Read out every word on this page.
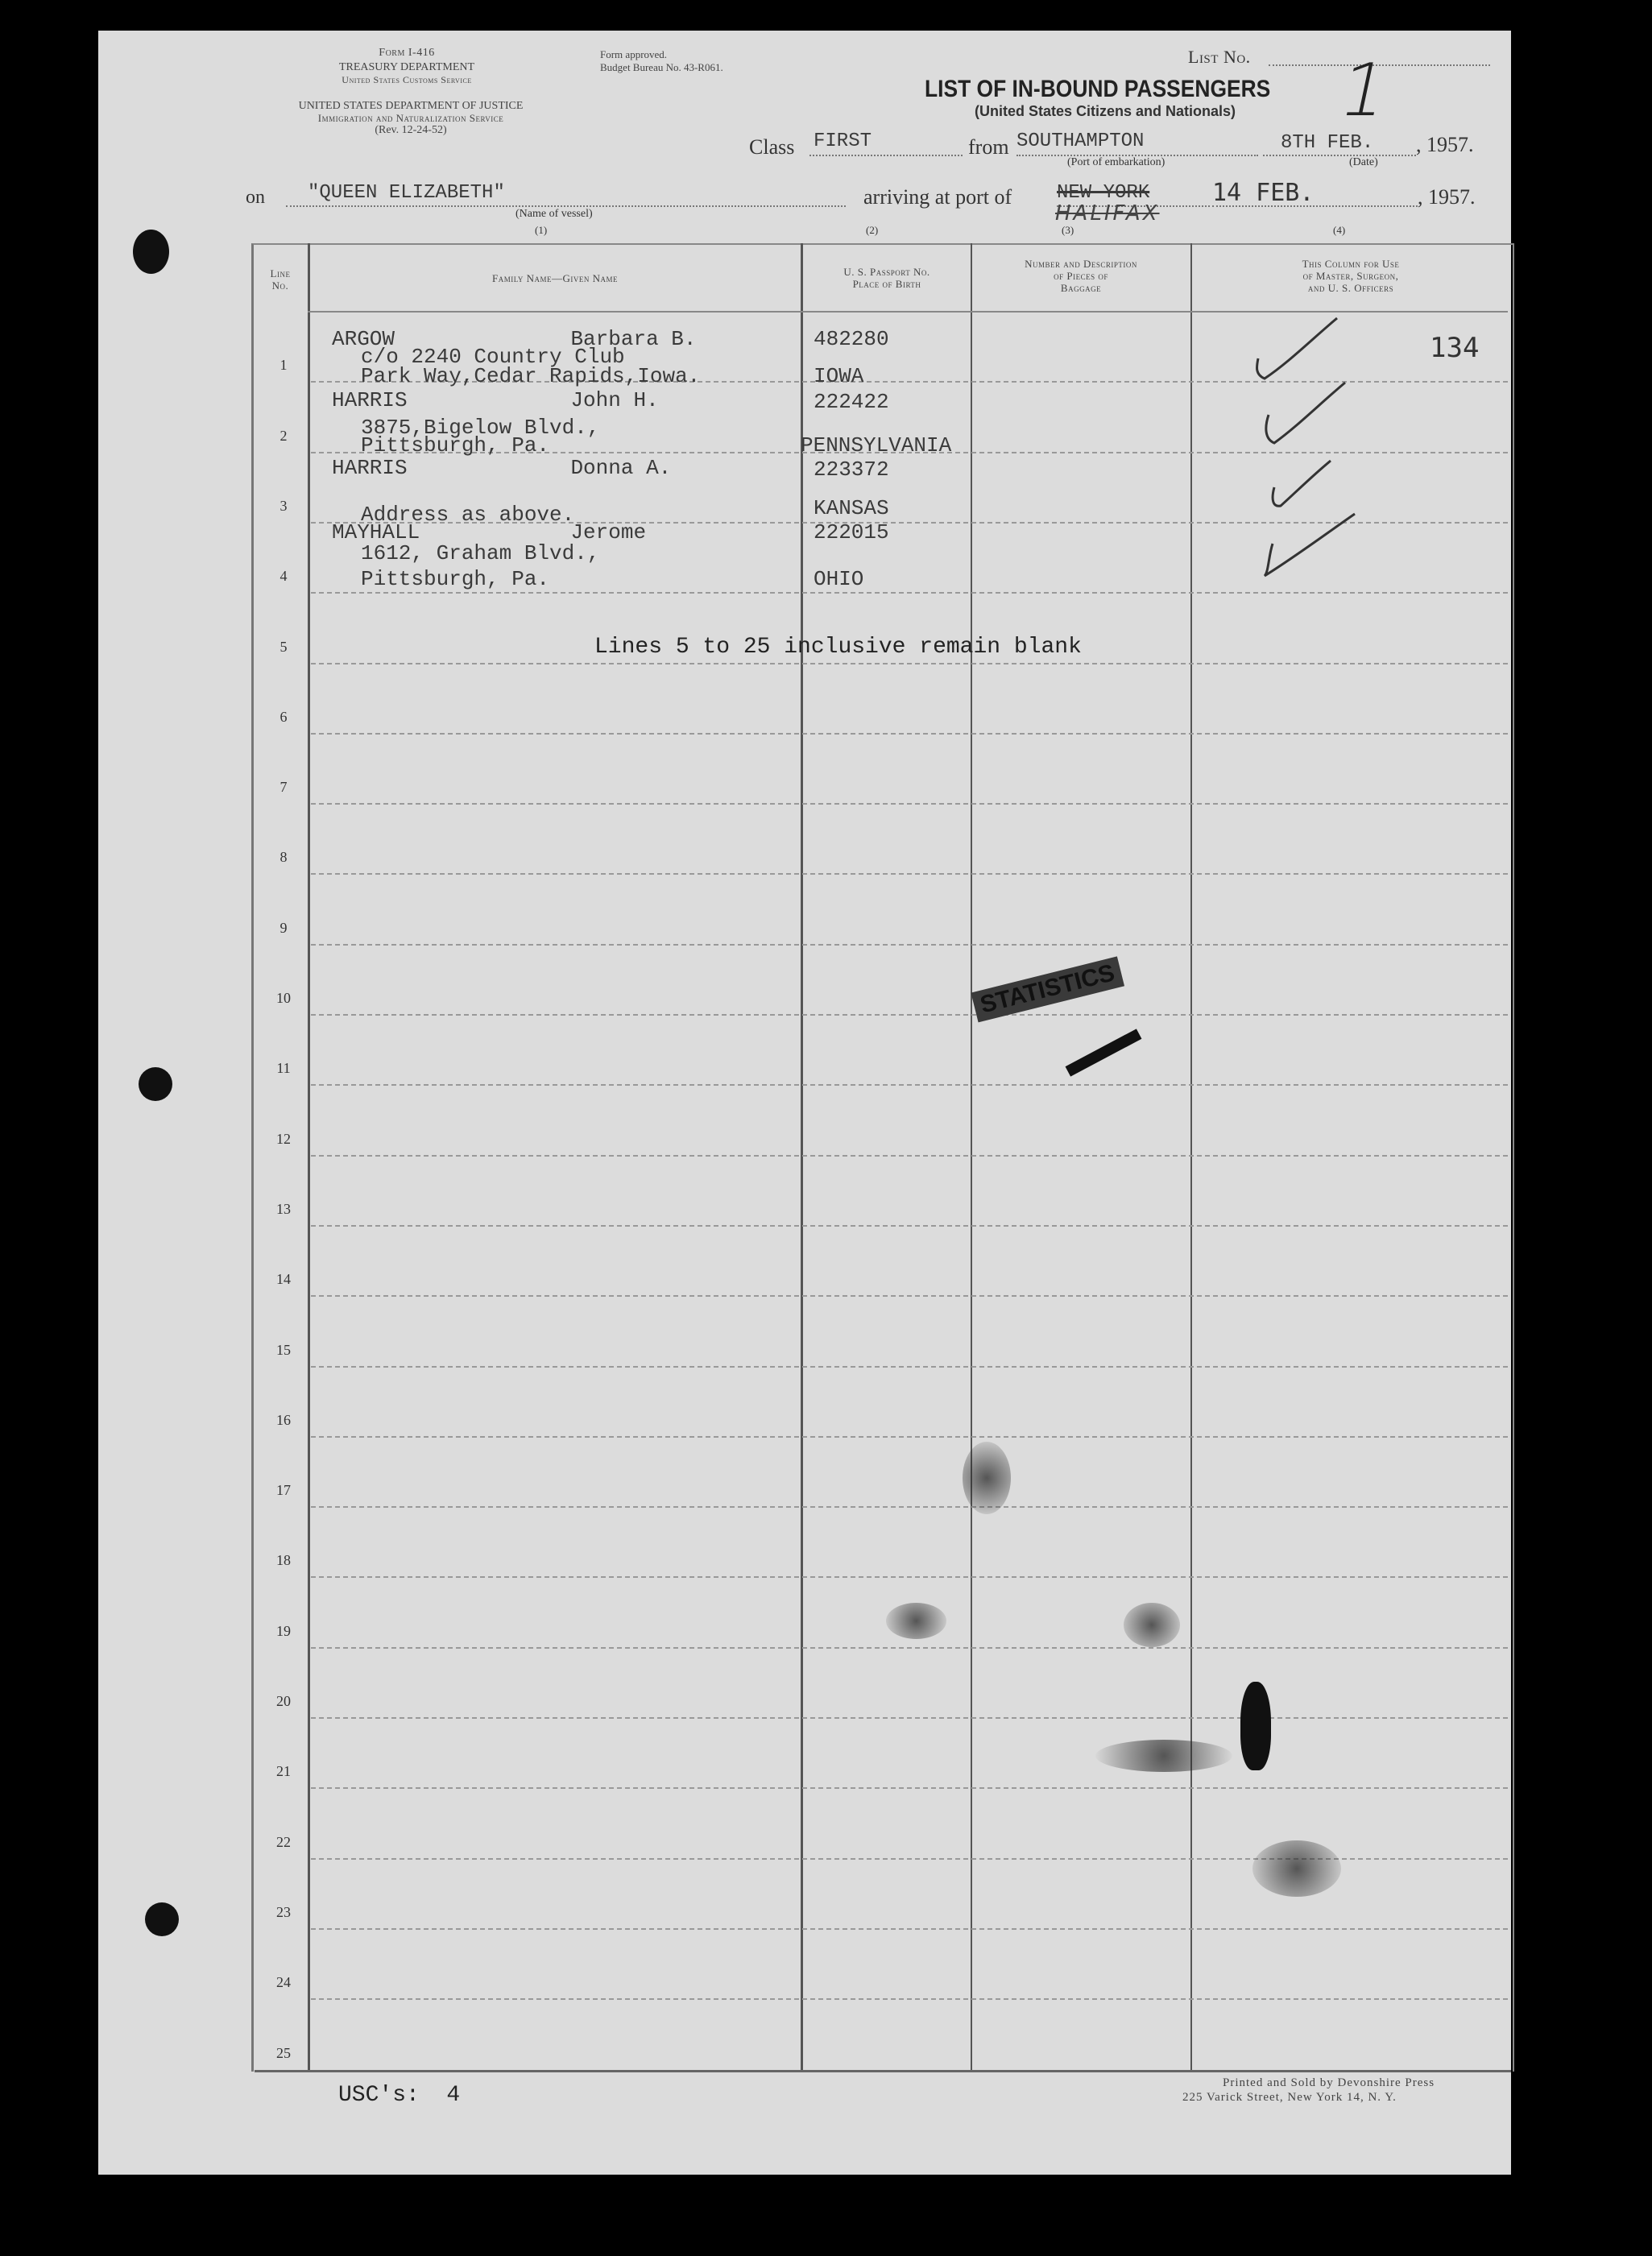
Form I-416
TREASURY DEPARTMENT
United States Customs Service
UNITED STATES DEPARTMENT OF JUSTICE
Immigration and Naturalization Service
(Rev. 12-24-52)
Form approved.
Budget Bureau No. 43-R061.
List No. 1
LIST OF IN-BOUND PASSENGERS
(United States Citizens and Nationals)
Class FIRST	from SOUTHAMPTON
(Port of embarkation)
8TH FEB.
(Date)
, 1957.
on "QUEEN ELIZABETH"
(Name of vessel)
(1)
arriving at port of
(2)
NEW YORK
HALIFAX
(3)
14 FEB.
(4)
, 1957.
Line No.
Family Name—Given Name
U. S. Passport No.
Place of Birth
Number and Description
of Pieces of
Baggage
This Column for Use
of Master, Surgeon,
and U. S. Officers
1
2
3
4
5
6
7
8
9
10
11
12
13
14
15
16
17
18
19
20
21
22
23
24
25
ARGOW              Barbara B.
c/o 2240 Country Club
Park Way,Cedar Rapids,Iowa.
482280
IOWA
134
HARRIS             John H.
3875,Bigelow Blvd.,
Pittsburgh, Pa.
222422
PENNSYLVANIA
HARRIS             Donna A.
Address as above.
223372
KANSAS
MAYHALL            Jerome
1612, Graham Blvd.,
Pittsburgh, Pa.
222015
OHIO
Lines 5 to 25 inclusive remain blank
STATISTICS
USC's:  4	Printed and Sold by Devonshire Press
225 Varick Street, New York 14, N. Y.
